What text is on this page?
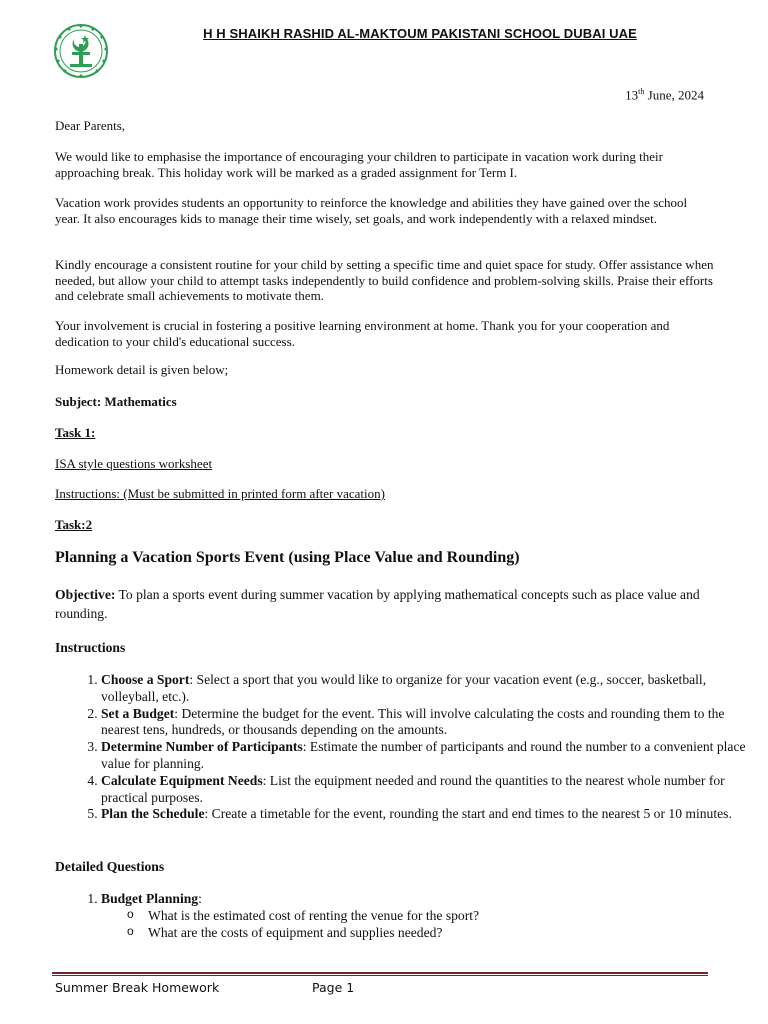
H H SHAIKH RASHID AL-MAKTOUM PAKISTANI SCHOOL DUBAI UAE
13th June, 2024
Dear Parents,
We would like to emphasise the importance of encouraging your children to participate in vacation work during their approaching break. This holiday work will be marked as a graded assignment for Term I.
Vacation work provides students an opportunity to reinforce the knowledge and abilities they have gained over the school year. It also encourages kids to manage their time wisely, set goals, and work independently with a relaxed mindset.
Kindly encourage a consistent routine for your child by setting a specific time and quiet space for study. Offer assistance when needed, but allow your child to attempt tasks independently to build confidence and problem-solving skills. Praise their efforts and celebrate small achievements to motivate them.
Your involvement is crucial in fostering a positive learning environment at home. Thank you for your cooperation and dedication to your child's educational success.
Homework detail is given below;
Subject: Mathematics
Task 1:
ISA style questions worksheet
Instructions: (Must be submitted in printed form after vacation)
Task:2
Planning a Vacation Sports Event (using Place Value and Rounding)
Objective: To plan a sports event during summer vacation by applying mathematical concepts such as place value and rounding.
Instructions
1. Choose a Sport: Select a sport that you would like to organize for your vacation event (e.g., soccer, basketball, volleyball, etc.).
2. Set a Budget: Determine the budget for the event. This will involve calculating the costs and rounding them to the nearest tens, hundreds, or thousands depending on the amounts.
3. Determine Number of Participants: Estimate the number of participants and round the number to a convenient place value for planning.
4. Calculate Equipment Needs: List the equipment needed and round the quantities to the nearest whole number for practical purposes.
5. Plan the Schedule: Create a timetable for the event, rounding the start and end times to the nearest 5 or 10 minutes.
Detailed Questions
1. Budget Planning:
o What is the estimated cost of renting the venue for the sport?
o What are the costs of equipment and supplies needed?
Summer Break Homework	Page 1
